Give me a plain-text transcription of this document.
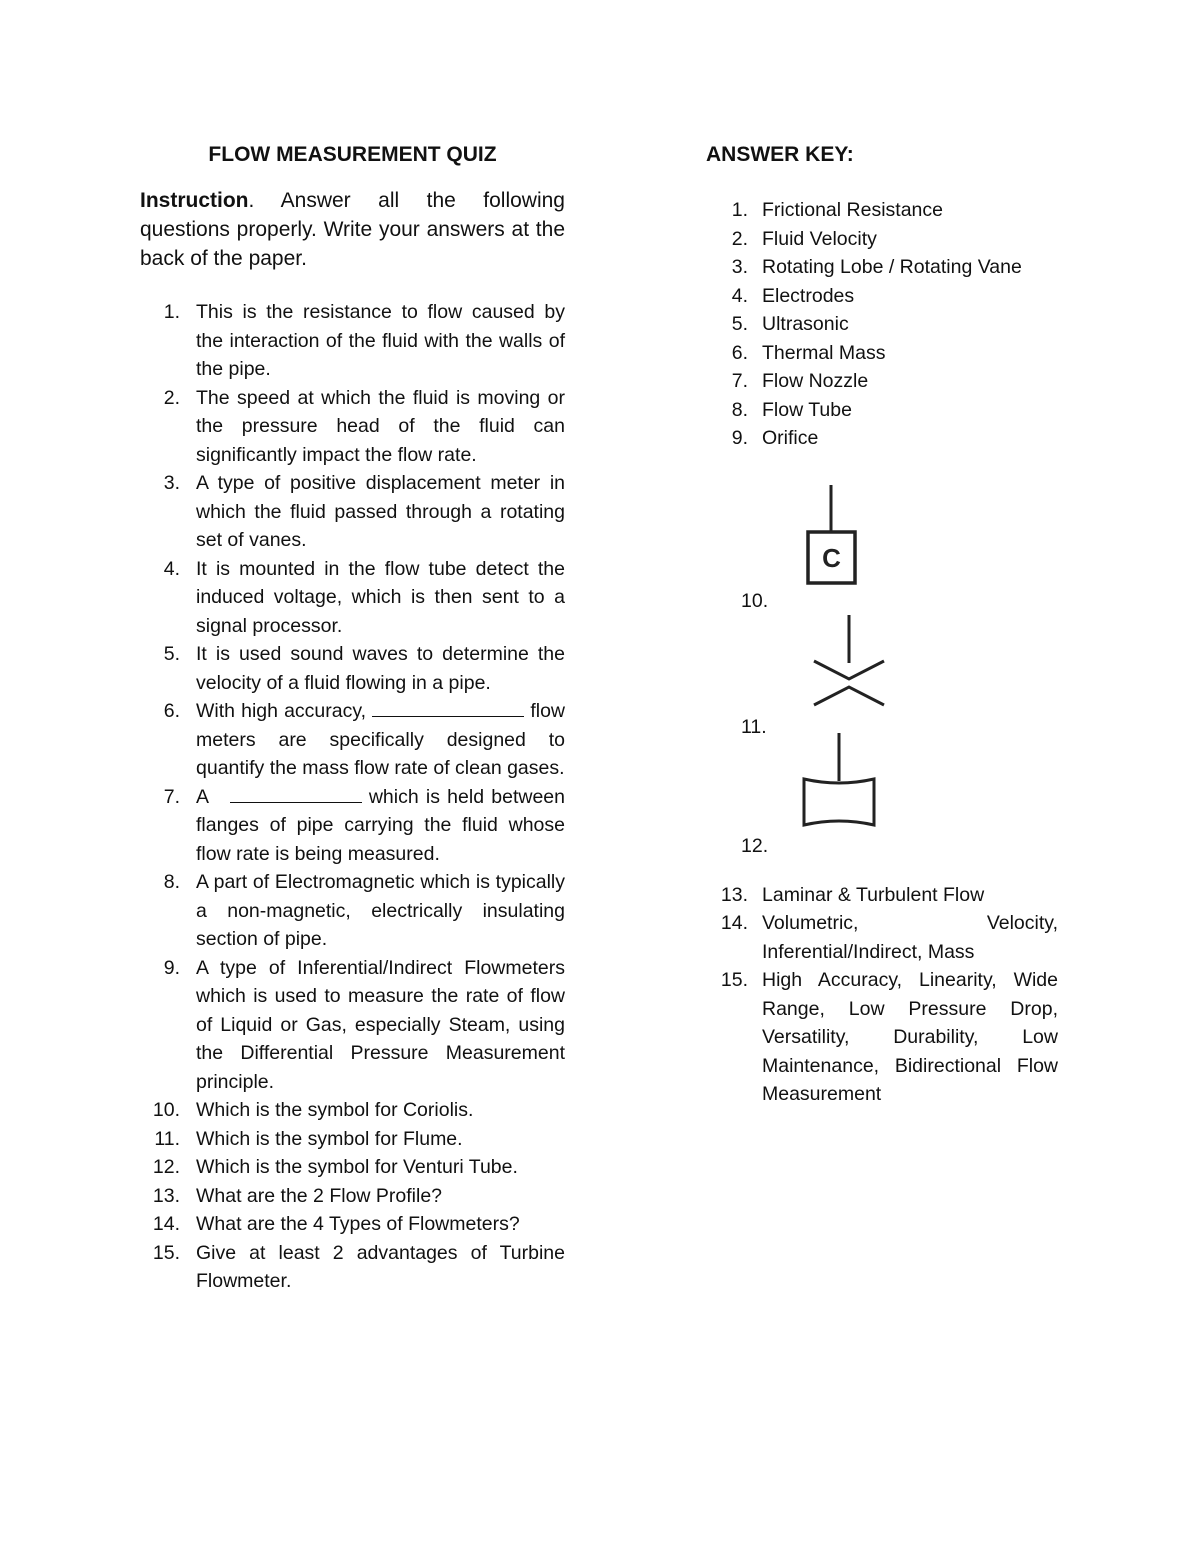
FLOW MEASUREMENT QUIZ

Instruction. Answer all the following questions properly. Write your answers at the back of the paper.

1. This is the resistance to flow caused by the interaction of the fluid with the walls of the pipe.
2. The speed at which the fluid is moving or the pressure head of the fluid can significantly impact the flow rate.
3. A type of positive displacement meter in which the fluid passed through a rotating set of vanes.
4. It is mounted in the flow tube detect the induced voltage, which is then sent to a signal processor.
5. It is used sound waves to determine the velocity of a fluid flowing in a pipe.
6. With high accuracy,	flow meters are specifically designed to quantify the mass flow rate of clean gases.
7. A	which is held between flanges of pipe carrying the fluid whose flow rate is being measured.
8. A part of Electromagnetic which is typically a non-magnetic, electrically insulating section of pipe.
9. A type of Inferential/Indirect Flowmeters which is used to measure the rate of flow of Liquid or Gas, especially Steam, using the Differential Pressure Measurement principle.
10. Which is the symbol for Coriolis.
11. Which is the symbol for Flume.
12. Which is the symbol for Venturi Tube.
13. What are the 2 Flow Profile?
14. What are the 4 Types of Flowmeters?
15. Give at least 2 advantages of Turbine Flowmeter.
ANSWER KEY:
1. Frictional Resistance
2. Fluid Velocity
3. Rotating Lobe / Rotating Vane
4. Electrodes
5. Ultrasonic
6. Thermal Mass
7. Flow Nozzle
8. Flow Tube
9. Orifice
10.
C
11.
12.
13. Laminar & Turbulent Flow
14. Volumetric, Velocity, Inferential/Indirect, Mass
15. High Accuracy, Linearity, Wide Range, Low Pressure Drop, Versatility, Durability, Low Maintenance, Bidirectional Flow Measurement
